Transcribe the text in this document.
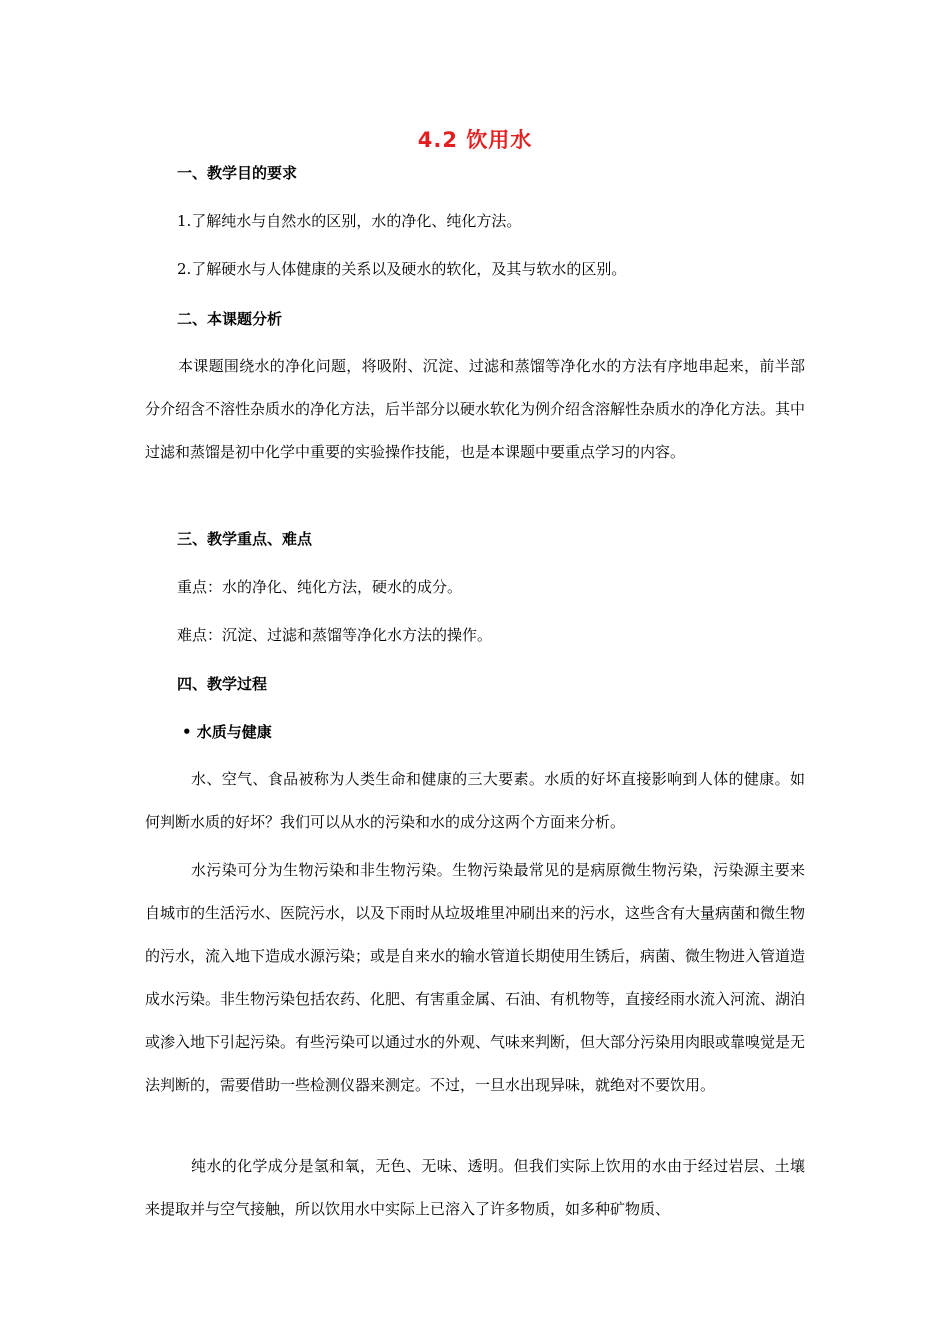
4.2 饮用水
一、教学目的要求
1.了解纯水与自然水的区别，水的净化、纯化方法。
2.了解硬水与人体健康的关系以及硬水的软化，及其与软水的区别。
二、本课题分析
本课题围绕水的净化问题，将吸附、沉淀、过滤和蒸馏等净化水的方法有序地串起来，前半部分介绍含不溶性杂质水的净化方法，后半部分以硬水软化为例介绍含溶解性杂质水的净化方法。其中过滤和蒸馏是初中化学中重要的实验操作技能，也是本课题中要重点学习的内容。
三、教学重点、难点
重点：水的净化、纯化方法，硬水的成分。
难点：沉淀、过滤和蒸馏等净化水方法的操作。
四、教学过程
• 水质与健康
水、空气、食品被称为人类生命和健康的三大要素。水质的好坏直接影响到人体的健康。如何判断水质的好坏？我们可以从水的污染和水的成分这两个方面来分析。
水污染可分为生物污染和非生物污染。生物污染最常见的是病原微生物污染，污染源主要来自城市的生活污水、医院污水，以及下雨时从垃圾堆里冲刷出来的污水，这些含有大量病菌和微生物的污水，流入地下造成水源污染；或是自来水的输水管道长期使用生锈后，病菌、微生物进入管道造成水污染。非生物污染包括农药、化肥、有害重金属、石油、有机物等，直接经雨水流入河流、湖泊或渗入地下引起污染。有些污染可以通过水的外观、气味来判断，但大部分污染用肉眼或靠嗅觉是无法判断的，需要借助一些检测仪器来测定。不过，一旦水出现异味，就绝对不要饮用。
纯水的化学成分是氢和氧，无色、无味、透明。但我们实际上饮用的水由于经过岩层、土壤来提取并与空气接触，所以饮用水中实际上已溶入了许多物质，如多种矿物质、
